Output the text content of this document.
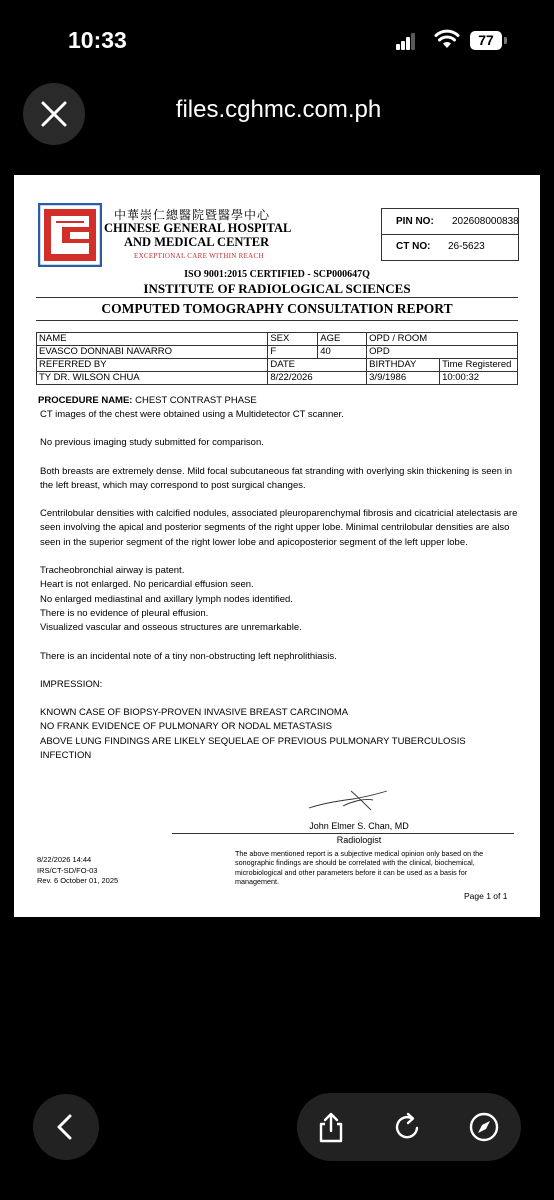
10:33	77
files.cghmc.com.ph
中華崇仁總醫院暨醫學中心
CHINESE GENERAL HOSPITAL
AND MEDICAL CENTER
EXCEPTIONAL CARE WITHIN REACH
PIN NO: 202608000838
CT NO: 26-5623
ISO 9001:2015 CERTIFIED - SCP000647Q
INSTITUTE OF RADIOLOGICAL SCIENCES
COMPUTED TOMOGRAPHY CONSULTATION REPORT
NAME	SEX	AGE	OPD / ROOM	
EVASCO DONNABI NAVARRO	F	40	OPD	
REFERRED BY	DATE		BIRTHDAY	Time Registered
TY DR. WILSON CHUA	8/22/2026		3/9/1986	10:00:32
PROCEDURE NAME: CHEST CONTRAST PHASE

CT images of the chest were obtained using a Multidetector CT scanner.

No previous imaging study submitted for comparison.

Both breasts are extremely dense. Mild focal subcutaneous fat stranding with overlying skin thickening is seen in the left breast, which may correspond to post surgical changes.

Centrilobular densities with calcified nodules, associated pleuroparenchymal fibrosis and cicatricial atelectasis are seen involving the apical and posterior segments of the right upper lobe. Minimal centrilobular densities are also seen in the superior segment of the right lower lobe and apicoposterior segment of the left upper lobe.

Tracheobronchial airway is patent.

Heart is not enlarged. No pericardial effusion seen.

No enlarged mediastinal and axillary lymph nodes identified.

There is no evidence of pleural effusion.

Visualized vascular and osseous structures are unremarkable.

There is an incidental note of a tiny non-obstructing left nephrolithiasis.

IMPRESSION:

KNOWN CASE OF BIOPSY-PROVEN INVASIVE BREAST CARCINOMA

NO FRANK EVIDENCE OF PULMONARY OR NODAL METASTASIS

ABOVE LUNG FINDINGS ARE LIKELY SEQUELAE OF PREVIOUS PULMONARY TUBERCULOSIS INFECTION

John Elmer S. Chan, MD
Radiologist
The above mentioned report is a subjective medical opinion only based on the sonographic findings are should be correlated with the clinical, biochemical, microbiological and other parameters before it can be used as a basis for management.
8/22/2026 14:44
IRS/CT-SD/FO-03
Rev. 6 October 01, 2025
Page 1 of 1
